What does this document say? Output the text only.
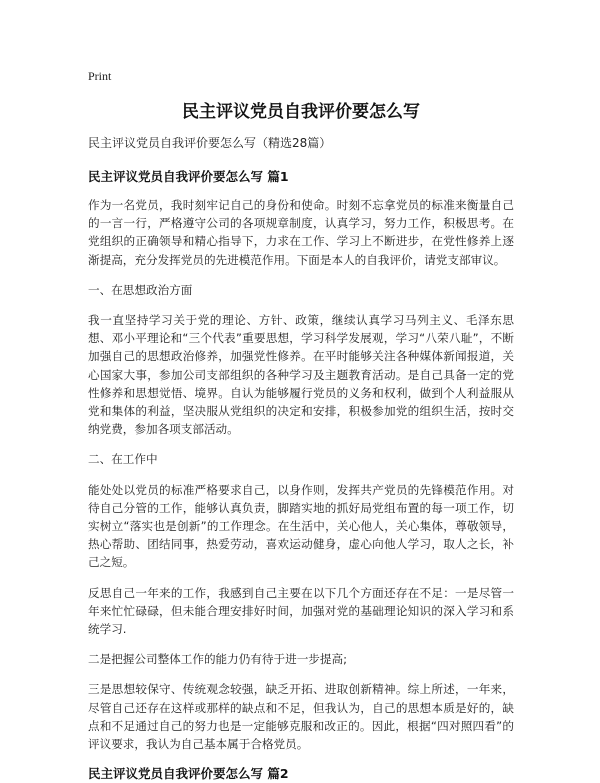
Print
民主评议党员自我评价要怎么写
民主评议党员自我评价要怎么写（精选28篇）
民主评议党员自我评价要怎么写 篇1

作为一名党员，我时刻牢记自己的身份和使命。时刻不忘拿党员的标准来衡量自己的一言一行，严格遵守公司的各项规章制度，认真学习，努力工作，积极思考。在党组织的正确领导和精心指导下，力求在工作、学习上不断进步，在党性修养上逐渐提高，充分发挥党员的先进模范作用。下面是本人的自我评价，请党支部审议。

一、在思想政治方面

我一直坚持学习关于党的理论、方针、政策，继续认真学习马列主义、毛泽东思想、邓小平理论和“三个代表”重要思想，学习科学发展观，学习“八荣八耻”，不断加强自己的思想政治修养，加强党性修养。在平时能够关注各种媒体新闻报道，关心国家大事，参加公司支部组织的各种学习及主题教育活动。是自己具备一定的党性修养和思想觉悟、境界。自认为能够履行党员的义务和权利，做到个人利益服从党和集体的利益，坚决服从党组织的决定和安排，积极参加党的组织生活，按时交纳党费，参加各项支部活动。

二、在工作中

能处处以党员的标准严格要求自己，以身作则，发挥共产党员的先锋模范作用。对待自己分管的工作，能够认真负责，脚踏实地的抓好局党组布置的每一项工作，切实树立“落实也是创新”的工作理念。在生活中，关心他人，关心集体，尊敬领导，热心帮助、团结同事，热爱劳动，喜欢运动健身，虚心向他人学习，取人之长，补己之短。

反思自己一年来的工作，我感到自己主要在以下几个方面还存在不足：一是尽管一年来忙忙碌碌，但未能合理安排好时间，加强对党的基础理论知识的深入学习和系统学习.

二是把握公司整体工作的能力仍有待于进一步提高;

三是思想较保守、传统观念较强，缺乏开拓、进取创新精神。综上所述，一年来，尽管自己还存在这样或那样的缺点和不足，但我认为，自己的思想本质是好的，缺点和不足通过自己的努力也是一定能够克服和改正的。因此，根据“四对照四看”的评议要求，我认为自己基本属于合格党员。

民主评议党员自我评价要怎么写 篇2
